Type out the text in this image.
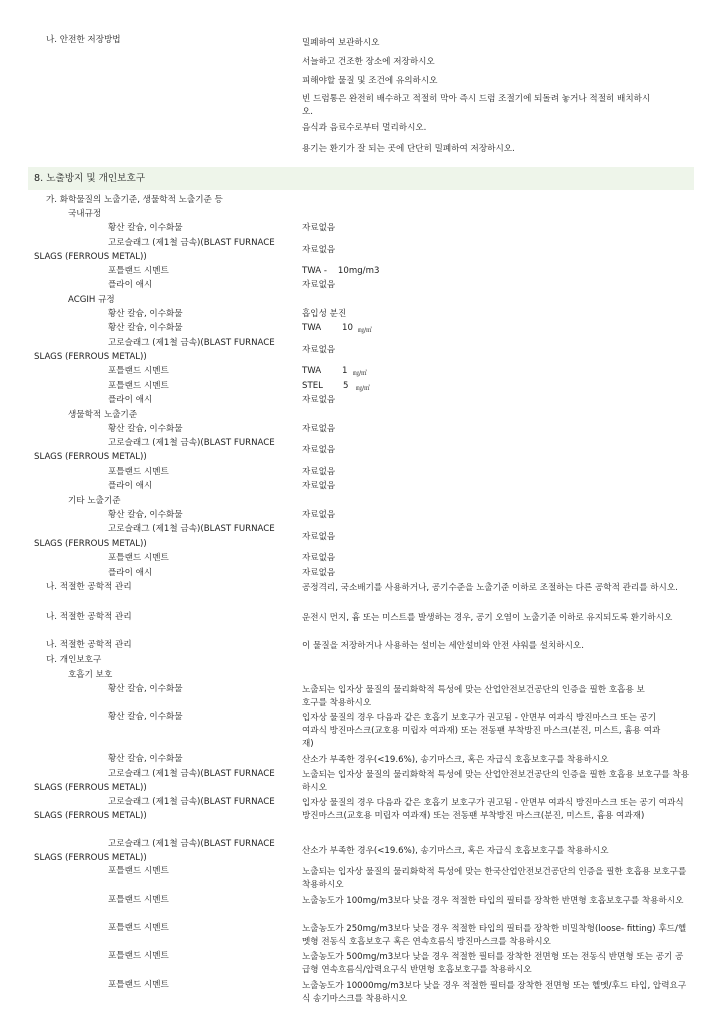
나. 안전한 저장방법	밀폐하여 보관하시오
서늘하고 건조한 장소에 저장하시오
피해야할 물질 및 조건에 유의하시오
빈 드럼통은 완전히 배수하고 적절히 막아 즉시 드럼 조절기에 되돌려 놓거나 적절히 배치하시오.
음식과 음료수로부터 멀리하시오.
용기는 환기가 잘 되는 곳에 단단히 밀폐하여 저장하시오.
8. 노출방지 및 개인보호구
가. 화학물질의 노출기준, 생물학적 노출기준 등
국내규정
황산 칼슘, 이수화물	자료없음
고로슬래그 (제1철 금속)(BLAST FURNACE
SLAGS (FERROUS METAL))
자료없음
포틀랜드 시멘트	TWA -    10mg/m3
플라이 애시	자료없음
ACGIH 규정
황산 칼슘, 이수화물	흡입성 분진
황산 칼슘, 이수화물	TWA 10 ㎎/㎥
고로슬래그 (제1철 금속)(BLAST FURNACE
SLAGS (FERROUS METAL))
자료없음
포틀랜드 시멘트	TWA 1 ㎎/㎥
포틀랜드 시멘트	STEL 5 ㎎/㎥
플라이 애시	자료없음
생물학적 노출기준
황산 칼슘, 이수화물	자료없음
고로슬래그 (제1철 금속)(BLAST FURNACE
SLAGS (FERROUS METAL))
자료없음
포틀랜드 시멘트	자료없음
플라이 애시	자료없음
기타 노출기준
황산 칼슘, 이수화물	자료없음
고로슬래그 (제1철 금속)(BLAST FURNACE
SLAGS (FERROUS METAL))
자료없음
포틀랜드 시멘트	자료없음
플라이 애시	자료없음
나. 적절한 공학적 관리	공정격리, 국소배기를 사용하거나, 공기수준을 노출기준 이하로 조절하는 다른 공학적 관리를 하시오.
나. 적절한 공학적 관리	운전시 먼지, 흄 또는 미스트를 발생하는 경우, 공기 오염이 노출기준 이하로 유지되도록 환기하시오
나. 적절한 공학적 관리	이 물질을 저장하거나 사용하는 설비는 세안설비와 안전 샤워를 설치하시오.
다. 개인보호구
호흡기 보호
황산 칼슘, 이수화물	노출되는 입자상 물질의 물리화학적 특성에 맞는 산업안전보건공단의 인증을 필한 호흡용 보호구를 착용하시오
황산 칼슘, 이수화물	입자상 물질의 경우 다음과 같은 호흡기 보호구가 권고됨 - 안면부 여과식 방진마스크 또는 공기 여과식 방진마스크(교호용 미립자 여과재) 또는 전동팬 부착방진 마스크(분진, 미스트, 흄용 여과재)
황산 칼슘, 이수화물	산소가 부족한 경우(<19.6%), 송기마스크, 혹은 자급식 호흡보호구를 착용하시오
고로슬래그 (제1철 금속)(BLAST FURNACE
SLAGS (FERROUS METAL))
노출되는 입자상 물질의 물리화학적 특성에 맞는 산업안전보건공단의 인증을 필한 호흡용 보호구를 착용하시오
고로슬래그 (제1철 금속)(BLAST FURNACE
SLAGS (FERROUS METAL))
입자상 물질의 경우 다음과 같은 호흡기 보호구가 권고됨 - 안면부 여과식 방진마스크 또는 공기 여과식 방진마스크(교호용 미립자 여과재) 또는 전동팬 부착방진 마스크(분진, 미스트, 흄용 여과재)
고로슬래그 (제1철 금속)(BLAST FURNACE
SLAGS (FERROUS METAL))
산소가 부족한 경우(<19.6%), 송기마스크, 혹은 자급식 호흡보호구를 착용하시오
포틀랜드 시멘트	노출되는 입자상 물질의 물리화학적 특성에 맞는 한국산업안전보건공단의 인증을 필한 호흡용 보호구를 착용하시오
포틀랜드 시멘트	노출농도가 100mg/m3보다 낮을 경우 적절한 타입의 필터를 장착한 반면형 호흡보호구를 착용하시오
포틀랜드 시멘트	노출농도가 250mg/m3보다 낮을 경우 적절한 타입의 필터를 장착한 비밀착형(loose- fitting) 후드/헬멧형 전동식 호흡보호구 혹은 연속흐름식 방진마스크를 착용하시오
포틀랜드 시멘트	노출농도가 500mg/m3보다 낮을 경우 적절한 필터를 장착한 전면형 또는 전동식 반면형 또는 공기 공급형 연속흐름식/압력요구식 반면형 호흡보호구를 착용하시오
포틀랜드 시멘트	노출농도가 10000mg/m3보다 낮을 경우 적절한 필터를 장착한 전면형 또는 헬멧/후드 타입, 압력요구식 송기마스크를 착용하시오
